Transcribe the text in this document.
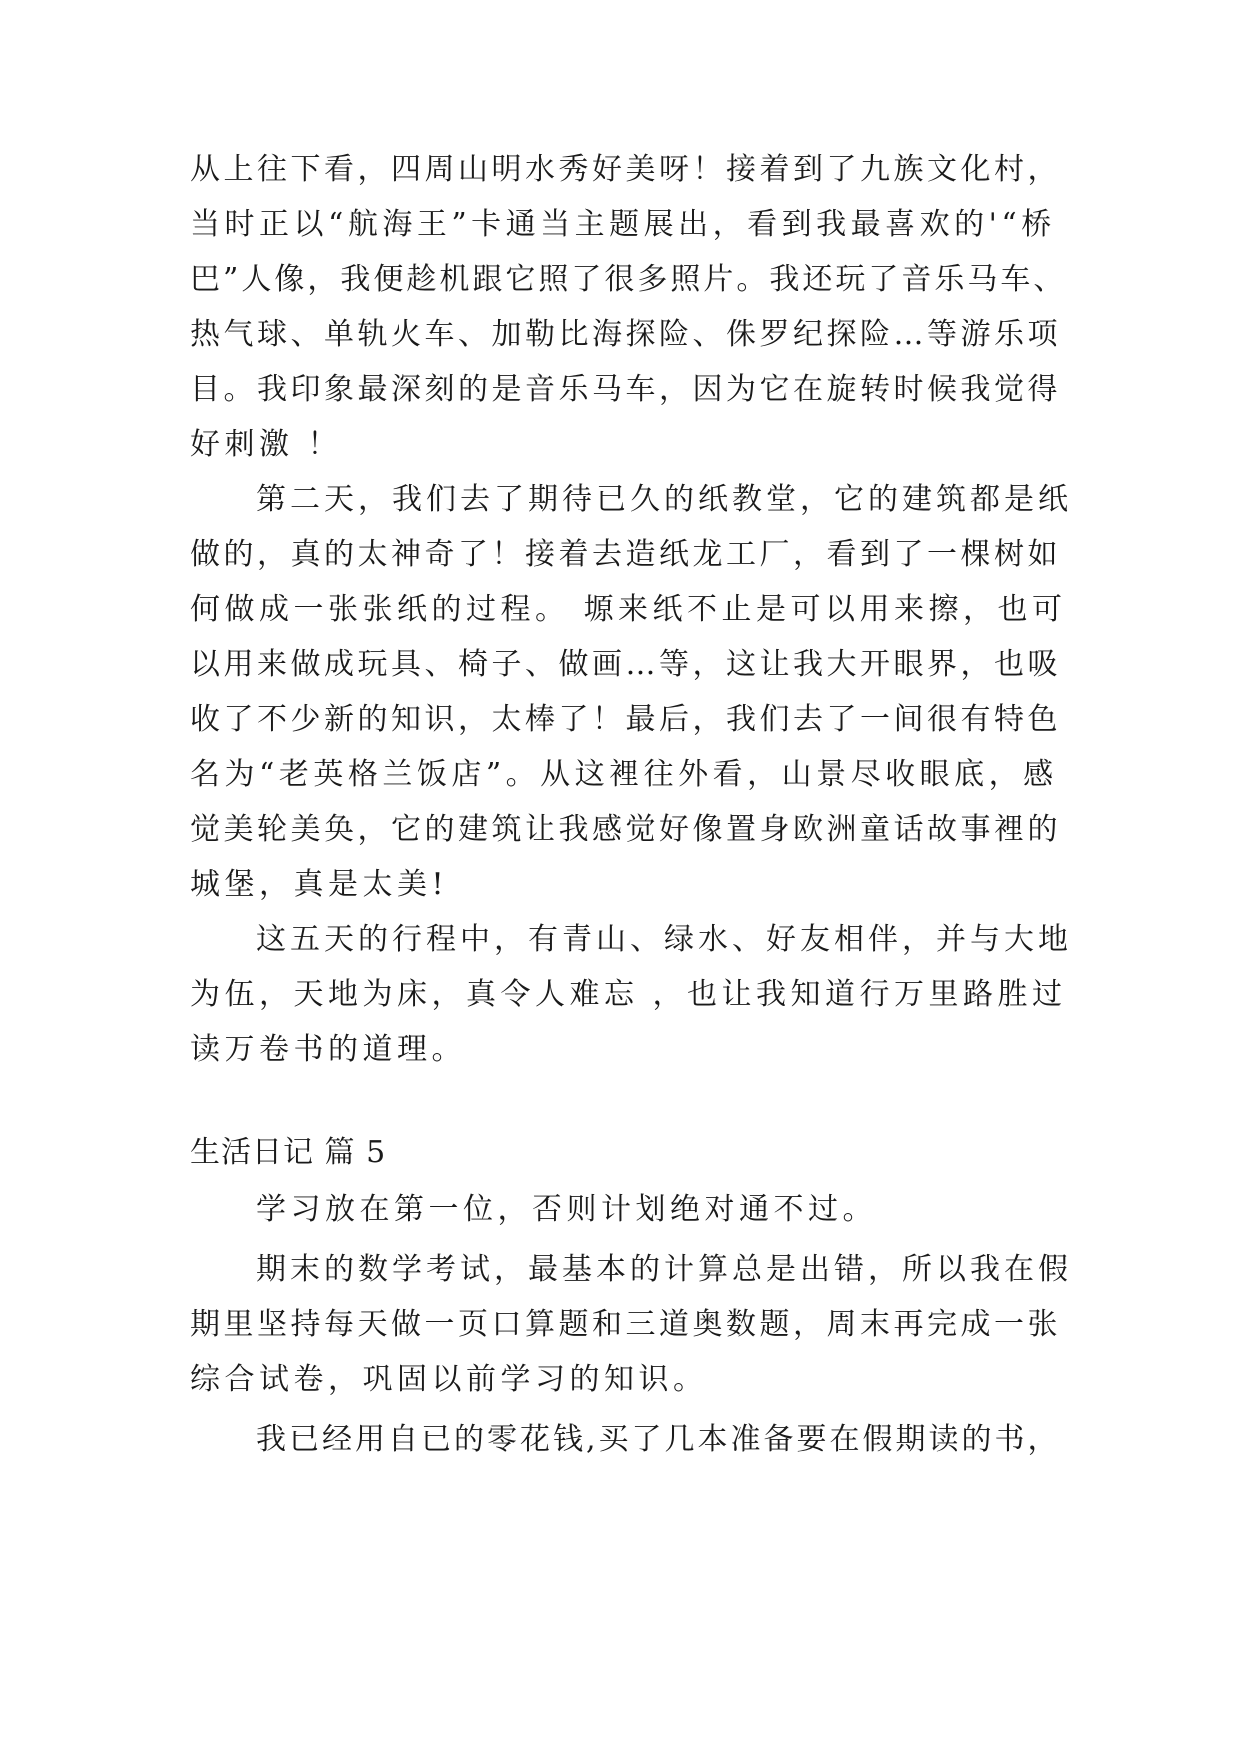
从上往下看，四周山明水秀好美呀！接着到了九族文化村，
当时正以“航海王”卡通当主题展出，看到我最喜欢的'“桥
巴”人像，我便趁机跟它照了很多照片。我还玩了音乐马车、
热气球、单轨火车、加勒比海探险、侏罗纪探险…等游乐项
目。我印象最深刻的是音乐马车，因为它在旋转时候我觉得
好刺激 ！
第二天，我们去了期待已久的纸教堂，它的建筑都是纸
做的，真的太神奇了！接着去造纸龙工厂，看到了一棵树如
何做成一张张纸的过程。 塬来纸不止是可以用来擦，也可
以用来做成玩具、椅子、做画…等，这让我大开眼界，也吸
收了不少新的知识，太棒了！最后，我们去了一间很有特色
名为“老英格兰饭店”。从这裡往外看，山景尽收眼底，感
觉美轮美奂，它的建筑让我感觉好像置身欧洲童话故事裡的
城堡，真是太美!
这五天的行程中，有青山、绿水、好友相伴，并与大地
为伍，天地为床，真令人难忘 ，也让我知道行万里路胜过
读万卷书的道理。
生活日记 篇 5
学习放在第一位，否则计划绝对通不过。
期末的数学考试，最基本的计算总是出错，所以我在假
期里坚持每天做一页口算题和三道奥数题，周末再完成一张
综合试卷，巩固以前学习的知识。
我已经用自已的零花钱,买了几本准备要在假期读的书，
